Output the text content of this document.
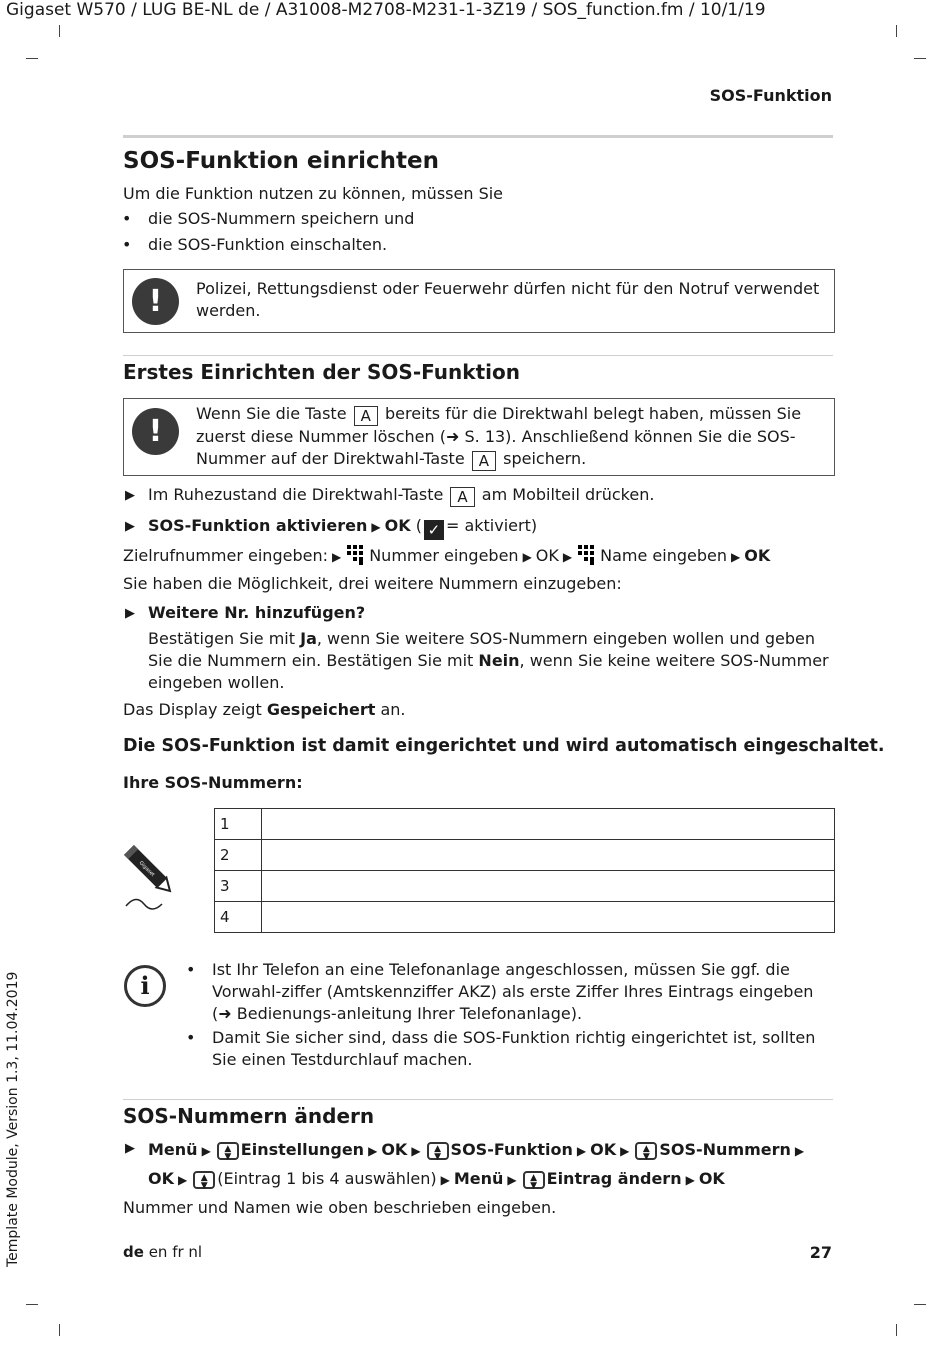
Gigaset W570 / LUG BE-NL de / A31008-M2708-M231-1-3Z19 / SOS_function.fm / 10/1/19
Template Module, Version 1.3, 11.04.2019
SOS-Funktion
SOS-Funktion einrichten
Um die Funktion nutzen zu können, müssen Sie
• die SOS-Nummern speichern und
• die SOS-Funktion einschalten.
!	Polizei, Rettungsdienst oder Feuerwehr dürfen nicht für den Notruf verwendet werden.
Erstes Einrichten der SOS-Funktion
!
Wenn Sie die Taste A bereits für die Direktwahl belegt haben, müssen Sie zuerst diese Nummer löschen (➜ S. 13). Anschließend können Sie die SOS-Nummer auf der Direktwahl-Taste A speichern.
▶ Im Ruhezustand die Direktwahl-Taste A am Mobilteil drücken.
▶ SOS-Funktion aktivieren ▶ OK ( ✓ = aktiviert)
Zielrufnummer eingeben: ▶ Nummer eingeben ▶ OK ▶ Name eingeben ▶ OK
Sie haben die Möglichkeit, drei weitere Nummern einzugeben:
▶ Weitere Nr. hinzufügen?
Bestätigen Sie mit Ja, wenn Sie weitere SOS-Nummern eingeben wollen und geben Sie die Nummern ein. Bestätigen Sie mit Nein, wenn Sie keine weitere SOS-Nummer eingeben wollen.
Das Display zeigt Gespeichert an.
Die SOS-Funktion ist damit eingerichtet und wird automatisch eingeschaltet.
Ihre SOS-Nummern:
Gigaset
1	
2	
3	
4	
i
• Ist Ihr Telefon an eine Telefonanlage angeschlossen, müssen Sie ggf. die Vorwahl-ziffer (Amtskennziffer AKZ) als erste Ziffer Ihres Eintrags eingeben (➜ Bedienungs-anleitung Ihrer Telefonanlage).
• Damit Sie sicher sind, dass die SOS-Funktion richtig eingerichtet ist, sollten Sie einen Testdurchlauf machen.
SOS-Nummern ändern
▶ Menü ▶ ▲
▼ Einstellungen ▶ OK ▶ ▲
▼ SOS-Funktion ▶ OK ▶ ▲
▼ SOS-Nummern ▶
OK ▶ ▲
▼ (Eintrag 1 bis 4 auswählen) ▶ Menü ▶ ▲
▼ Eintrag ändern ▶ OK
Nummer und Namen wie oben beschrieben eingeben.
de en fr nl	27
